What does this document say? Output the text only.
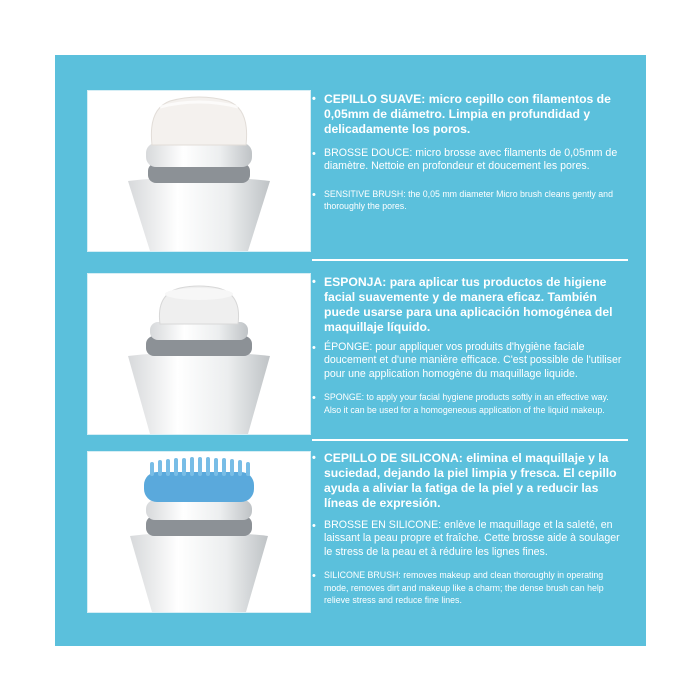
•
CEPILLO SUAVE: micro cepillo con filamentos de 0,05mm de diámetro. Limpia en profundidad y delicadamente los poros.
•
BROSSE DOUCE: micro brosse avec filaments de 0,05mm de diamètre. Nettoie en profondeur et doucement les pores.
•
SENSITIVE BRUSH: the 0,05 mm diameter Micro brush cleans gently and thoroughly the pores.
•
ESPONJA: para aplicar tus productos de higiene facial suavemente y de manera eficaz. También puede usarse para una aplicación homogénea del maquillaje líquido.
•
ÉPONGE: pour appliquer vos produits d'hygiène faciale doucement et d'une manière efficace. C'est possible de l'utiliser pour une application homogène du maquillage liquide.
•
SPONGE: to apply your facial hygiene products softly in an effective way. Also it can be used for a homogeneous application of the liquid makeup.
•
CEPILLO DE SILICONA: elimina el maquillaje y la suciedad, dejando la piel limpia y fresca. El cepillo ayuda a aliviar la fatiga de la piel y a reducir las líneas de expresión.
•
BROSSE EN SILICONE: enlève le maquillage et la saleté, en laissant la peau propre et fraîche. Cette brosse aide à soulager le stress de la peau et à réduire les lignes fines.
•
SILICONE BRUSH: removes makeup and clean thoroughly in operating mode, removes dirt and makeup like a charm; the dense brush can help relieve stress and reduce fine lines.
